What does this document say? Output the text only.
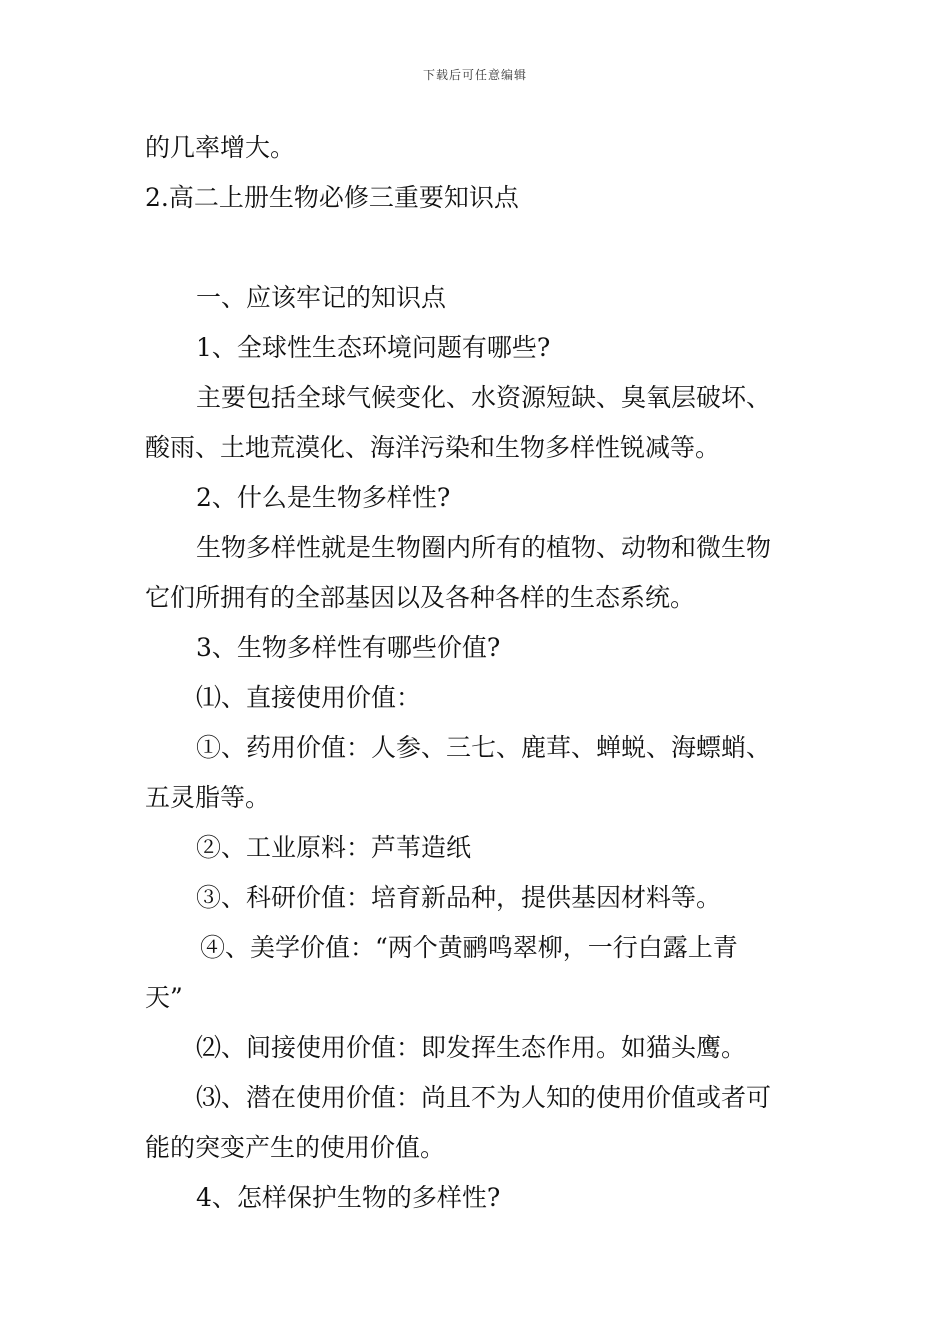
下载后可任意编辑
的几率增大。
2.高二上册生物必修三重要知识点
一、应该牢记的知识点
1、全球性生态环境问题有哪些?
主要包括全球气候变化、水资源短缺、臭氧层破坏、
酸雨、土地荒漠化、海洋污染和生物多样性锐减等。
2、什么是生物多样性?
生物多样性就是生物圈内所有的植物、动物和微生物
它们所拥有的全部基因以及各种各样的生态系统。
3、生物多样性有哪些价值?
⑴、直接使用价值：
①、药用价值：人参、三七、鹿茸、蝉蜕、海螵蛸、
五灵脂等。
②、工业原料：芦苇造纸
③、科研价值：培育新品种，提供基因材料等。
④、美学价值：“两个黄鹂鸣翠柳，一行白露上青
天”
⑵、间接使用价值：即发挥生态作用。如猫头鹰。
⑶、潜在使用价值：尚且不为人知的使用价值或者可
能的突变产生的使用价值。
4、怎样保护生物的多样性?
